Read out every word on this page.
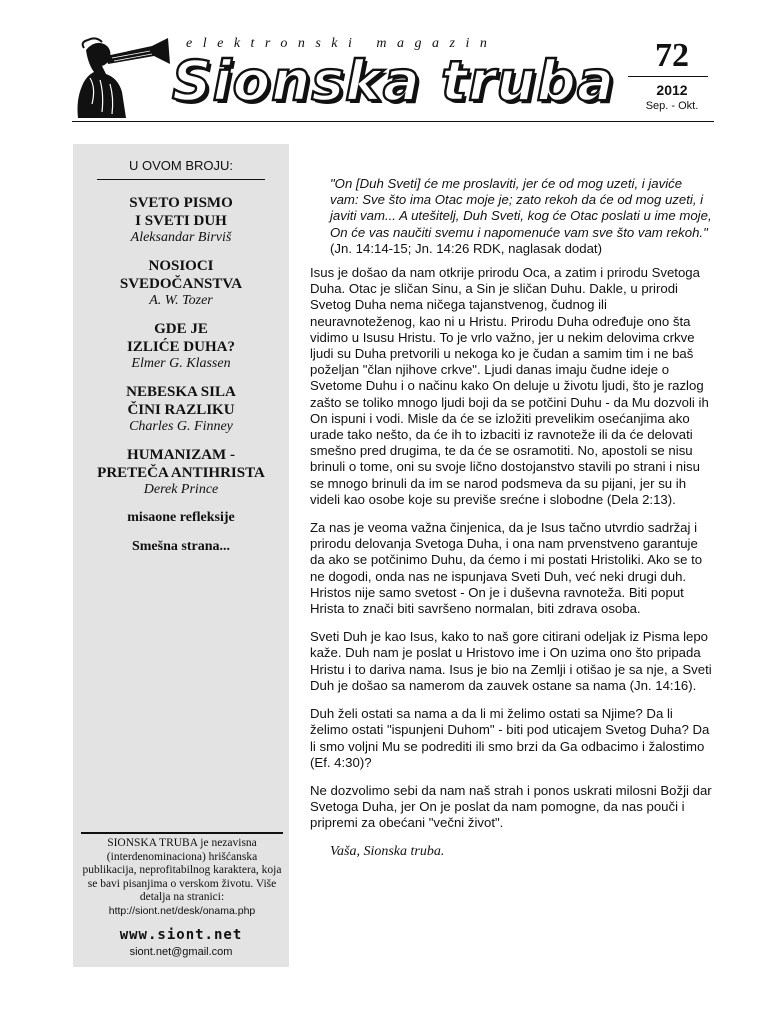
elektronski magazin
Sionska truba	72
2012
Sep. - Okt.
U OVOM BROJU:
SVETO PISMO
I SVETI DUH
Aleksandar Birviš
NOSIOCI
SVEDOČANSTVA
A. W. Tozer
GDE JE
IZLIĆE DUHA?
Elmer G. Klassen
NEBESKA SILA
ČINI RAZLIKU
Charles G. Finney
HUMANIZAM -
PRETEČA ANTIHRISTA
Derek Prince
misaone refleksije
Smešna strana...
SIONSKA TRUBA je nezavisna (interdenominaciona) hrišćanska publikacija, neprofitabilnog karaktera, koja se bavi pisanjima o verskom životu. Više detalja na stranici:
http://siont.net/desk/onama.php
www.siont.net
siont.net@gmail.com

"On [Duh Sveti] će me proslaviti, jer će od mog uzeti, i javiće vam: Sve što ima Otac moje je; zato rekoh da će od mog uzeti, i javiti vam... A utešitelj, Duh Sveti, kog će Otac poslati u ime moje, On će vas naučiti svemu i napomenuće vam sve što vam rekoh." (Jn. 14:14-15; Jn. 14:26 RDK, naglasak dodat)

Isus je došao da nam otkrije prirodu Oca, a zatim i prirodu Svetoga Duha. Otac je sličan Sinu, a Sin je sličan Duhu. Dakle, u prirodi Svetog Duha nema ničega tajanstvenog, čudnog ili neuravnoteženog, kao ni u Hristu. Prirodu Duha određuje ono šta vidimo u Isusu Hristu. To je vrlo važno, jer u nekim delovima crkve ljudi su Duha pretvorili u nekoga ko je čudan a samim tim i ne baš poželjan "član njihove crkve". Ljudi danas imaju čudne ideje o Svetome Duhu i o načinu kako On deluje u životu ljudi, što je razlog zašto se toliko mnogo ljudi boji da se potčini Duhu - da Mu dozvoli ih On ispuni i vodi. Misle da će se izložiti prevelikim osećanjima ako urade tako nešto, da će ih to izbaciti iz ravnoteže ili da će delovati smešno pred drugima, te da će se osramotiti. No, apostoli se nisu brinuli o tome, oni su svoje lično dostojanstvo stavili po strani i nisu se mnogo brinuli da im se narod podsmeva da su pijani, jer su ih videli kao osobe koje su previše srećne i slobodne (Dela 2:13).

Za nas je veoma važna činjenica, da je Isus tačno utvrdio sadržaj i prirodu delovanja Svetoga Duha, i ona nam prvenstveno garantuje da ako se potčinimo Duhu, da ćemo i mi postati Hristoliki. Ako se to ne dogodi, onda nas ne ispunjava Sveti Duh, već neki drugi duh. Hristos nije samo svetost - On je i duševna ravnoteža. Biti poput Hrista to znači biti savršeno normalan, biti zdrava osoba.

Sveti Duh je kao Isus, kako to naš gore citirani odeljak iz Pisma lepo kaže. Duh nam je poslat u Hristovo ime i On uzima ono što pripada Hristu i to dariva nama. Isus je bio na Zemlji i otišao je sa nje, a Sveti Duh je došao sa namerom da zauvek ostane sa nama (Jn. 14:16).

Duh želi ostati sa nama a da li mi želimo ostati sa Njime? Da li želimo ostati "ispunjeni Duhom" - biti pod uticajem Svetog Duha? Da li smo voljni Mu se podrediti ili smo brzi da Ga odbacimo i žalostimo (Ef. 4:30)?

Ne dozvolimo sebi da nam naš strah i ponos uskrati milosni Božji dar Svetoga Duha, jer On je poslat da nam pomogne, da nas pouči i pripremi za obećani "večni život".

Vaša, Sionska truba.
